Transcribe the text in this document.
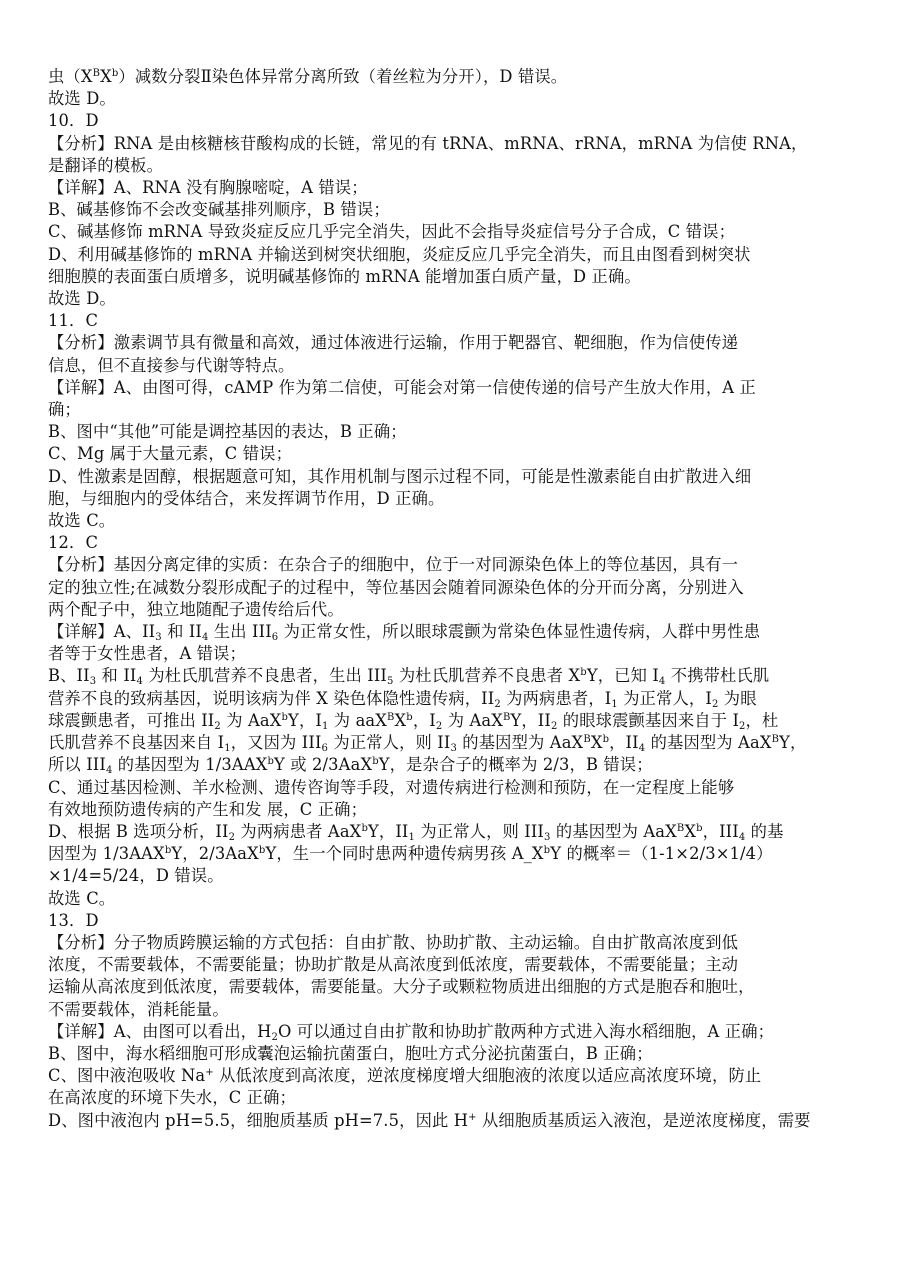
虫$(X^BX^b)$减数分裂Ⅱ染色体异常分离所致（着丝粒为分开），D 错误。
故选 D。
10．D
【分析】RNA 是由核糖核苷酸构成的长链，常见的有 tRNA、mRNA、rRNA，mRNA 为信使 RNA，
是翻译的模板。
【详解】A、RNA 没有胸腺嘧啶，A 错误；
B、碱基修饰不会改变碱基排列顺序，B 错误；
C、碱基修饰 mRNA 导致炎症反应几乎完全消失，因此不会指导炎症信号分子合成，C 错误；
D、利用碱基修饰的 mRNA 并输送到树突状细胞，炎症反应几乎完全消失，而且由图看到树突状
细胞膜的表面蛋白质增多，说明碱基修饰的 mRNA 能增加蛋白质产量，D 正确。
故选 D。
11．C
【分析】激素调节具有微量和高效，通过体液进行运输，作用于靶器官、靶细胞，作为信使传递
信息，但不直接参与代谢等特点。
【详解】A、由图可得，cAMP 作为第二信使，可能会对第一信使传递的信号产生放大作用，A 正
确；
B、图中“其他”可能是调控基因的表达，B 正确；
C、Mg 属于大量元素，C 错误；
D、性激素是固醇，根据题意可知，其作用机制与图示过程不同，可能是性激素能自由扩散进入细
胞，与细胞内的受体结合，来发挥调节作用，D 正确。
故选 C。
12．C
【分析】基因分离定律的实质：在杂合子的细胞中，位于一对同源染色体上的等位基因，具有一
定的独立性;在减数分裂形成配子的过程中，等位基因会随着同源染色体的分开而分离，分别进入
两个配子中，独立地随配子遗传给后代。
【详解】A、$II_3$ 和 $II_4$ 生出 $III_6$ 为正常女性，所以眼球震颤为常染色体显性遗传病，人群中男性患
者等于女性患者，A 错误；
B、$II_3$ 和 $II_4$ 为杜氏肌营养不良患者，生出 $III_5$ 为杜氏肌营养不良患者 $X^bY$，已知 $I_4$ 不携带杜氏肌
营养不良的致病基因，说明该病为伴 X 染色体隐性遗传病，$II_2$ 为两病患者，$I_1$ 为正常人，$I_2$ 为眼
球震颤患者，可推出 $II_2$ 为 AaX$^b$Y，$I_1$ 为 $aaX^BX^b$，$I_2$ 为 AaX$^B$Y，$II_2$ 的眼球震颤基因来自于 $I_2$，杜
氏肌营养不良基因来自 $I_1$，又因为 $III_6$ 为正常人，则 $II_3$ 的基因型为 $AaX^BX^b$，$II_4$ 的基因型为 AaX$^B$Y，
所以 $III_4$ 的基因型为 1/3AAX$^b$Y 或 2/3AaX$^b$Y，是杂合子的概率为 2/3，B 错误；
C、通过基因检测、羊水检测、遗传咨询等手段，对遗传病进行检测和预防，在一定程度上能够
有效地预防遗传病的产生和发 展，C 正确；
D、根据 B 选项分析，$II_2$ 为两病患者 AaX$^b$Y，$II_1$ 为正常人，则 $III_3$ 的基因型为 $AaX^BX^b$，$III_4$ 的基
因型为 1/3AAX$^b$Y，2/3AaX$^b$Y，生一个同时患两种遗传病男孩 $A\_X^bY$ 的概率＝（1-1×2/3×1/4）
×1/4=5/24，D 错误。
故选 C。
13．D
【分析】分子物质跨膜运输的方式包括：自由扩散、协助扩散、主动运输。自由扩散高浓度到低
浓度，不需要载体，不需要能量；协助扩散是从高浓度到低浓度，需要载体，不需要能量；主动
运输从高浓度到低浓度，需要载体，需要能量。大分子或颗粒物质进出细胞的方式是胞吞和胞吐，
不需要载体，消耗能量。
【详解】A、由图可以看出，$H_2O$ 可以通过自由扩散和协助扩散两种方式进入海水稻细胞，A 正确；
B、图中，海水稻细胞可形成囊泡运输抗菌蛋白，胞吐方式分泌抗菌蛋白，B 正确；
C、图中液泡吸收 Na+ 从低浓度到高浓度，逆浓度梯度增大细胞液的浓度以适应高浓度环境，防止
在高浓度的环境下失水，C 正确；
D、图中液泡内 pH=5.5，细胞质基质 pH=7.5，因此 H+ 从细胞质基质运入液泡，是逆浓度梯度，需要
